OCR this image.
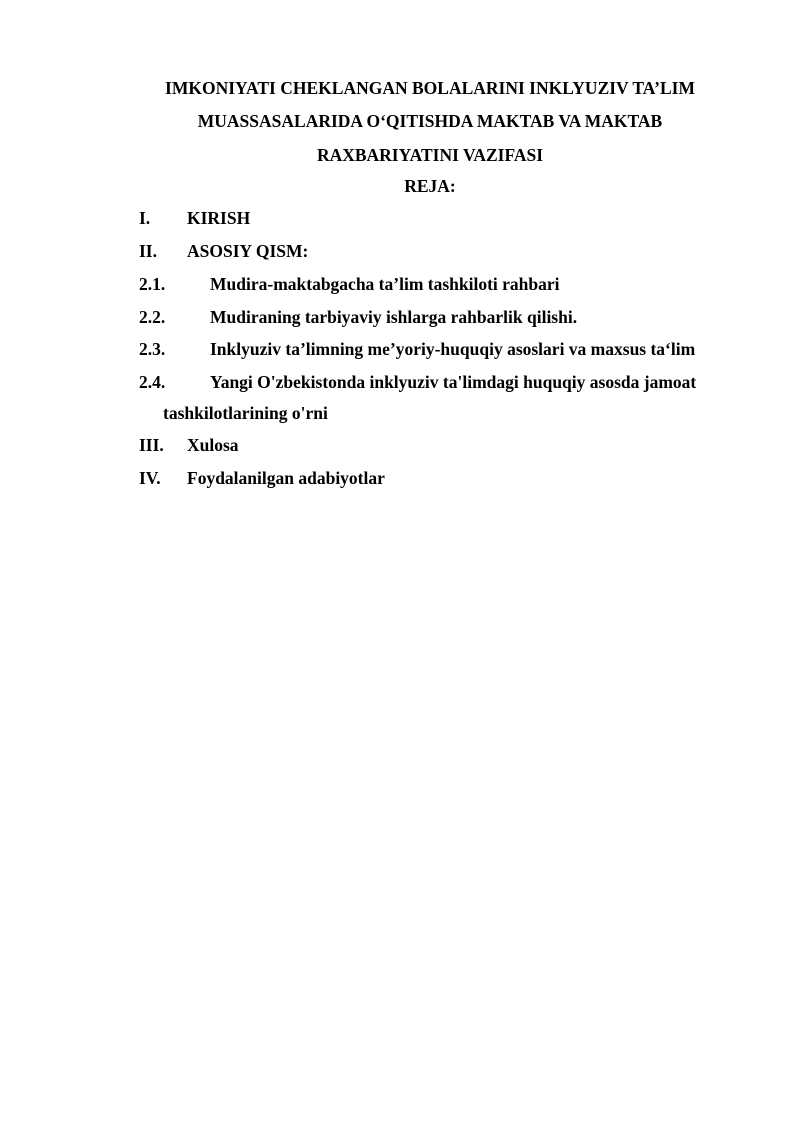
IMKONIYATI CHEKLANGAN BOLALARINI INKLYUZIV TA’LIM
MUASSASALARIDA O‘QITISHDA MAKTAB VA MAKTAB
RAXBARIYATINI VAZIFASI
REJA:
I. KIRISH
II. ASOSIY QISM:
2.1.	Mudira-maktabgacha ta’lim tashkiloti rahbari
2.2.	Mudiraning tarbiyaviy ishlarga rahbarlik qilishi.
2.3.	Inklyuziv ta’limning me’yoriy-huquqiy asoslari va maxsus ta‘lim
2.4.	Yangi O'zbekistonda inklyuziv ta'limdagi huquqiy asosda jamoat
tashkilotlarining o'rni
III. Xulosa
IV. Foydalanilgan adabiyotlar
